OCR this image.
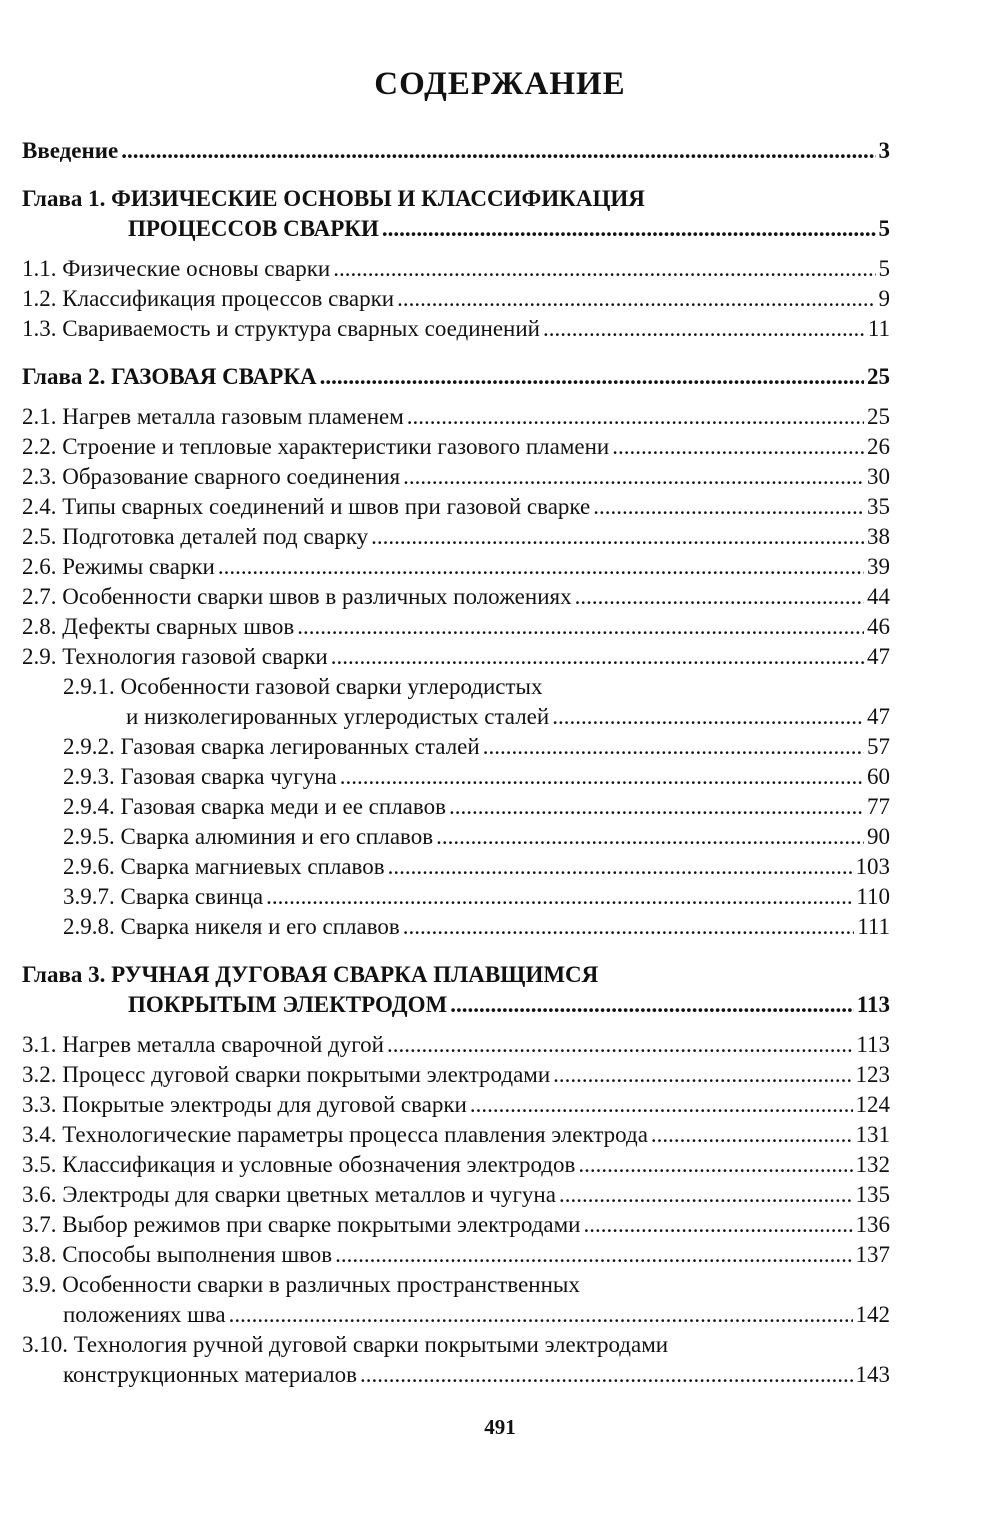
СОДЕРЖАНИЕ
Введение .....	3
Глава 1. ФИЗИЧЕСКИЕ ОСНОВЫ И КЛАССИФИКАЦИЯ
ПРОЦЕССОВ СВАРКИ .....	5
1.1. Физические основы сварки .....	5
1.2. Классификация процессов сварки .....	9
1.3. Свариваемость и структура сварных соединений .....	11
Глава 2. ГАЗОВАЯ СВАРКА .....	25
2.1. Нагрев металла газовым пламенем .....	25
2.2. Строение и тепловые характеристики газового пламени .....	26
2.3. Образование сварного соединения .....	30
2.4. Типы сварных соединений и швов при газовой сварке .....	35
2.5. Подготовка деталей под сварку .....	38
2.6. Режимы сварки .....	39
2.7. Особенности сварки швов в различных положениях .....	44
2.8. Дефекты сварных швов .....	46
2.9. Технология газовой сварки .....	47
2.9.1. Особенности газовой сварки углеродистых
и низколегированных углеродистых сталей .....	47
2.9.2. Газовая сварка легированных сталей .....	57
2.9.3. Газовая сварка чугуна .....	60
2.9.4. Газовая сварка меди и ее сплавов .....	77
2.9.5. Сварка алюминия и его сплавов .....	90
2.9.6. Сварка магниевых сплавов .....	103
3.9.7. Сварка свинца .....	110
2.9.8. Сварка никеля и его сплавов .....	111
Глава 3. РУЧНАЯ ДУГОВАЯ СВАРКА ПЛАВЩИМСЯ
ПОКРЫТЫМ ЭЛЕКТРОДОМ .....	113
3.1. Нагрев металла сварочной дугой .....	113
3.2. Процесс дуговой сварки покрытыми электродами .....	123
3.3. Покрытые электроды для дуговой сварки .....	124
3.4. Технологические параметры процесса плавления электрода .....	131
3.5. Классификация и условные обозначения электродов .....	132
3.6. Электроды для сварки цветных металлов и чугуна .....	135
3.7. Выбор режимов при сварке покрытыми электродами .....	136
3.8. Способы выполнения швов .....	137
3.9. Особенности сварки в различных пространственных
положениях шва .....	142
3.10. Технология ручной дуговой сварки покрытыми электродами
конструкционных материалов .....	143
491
